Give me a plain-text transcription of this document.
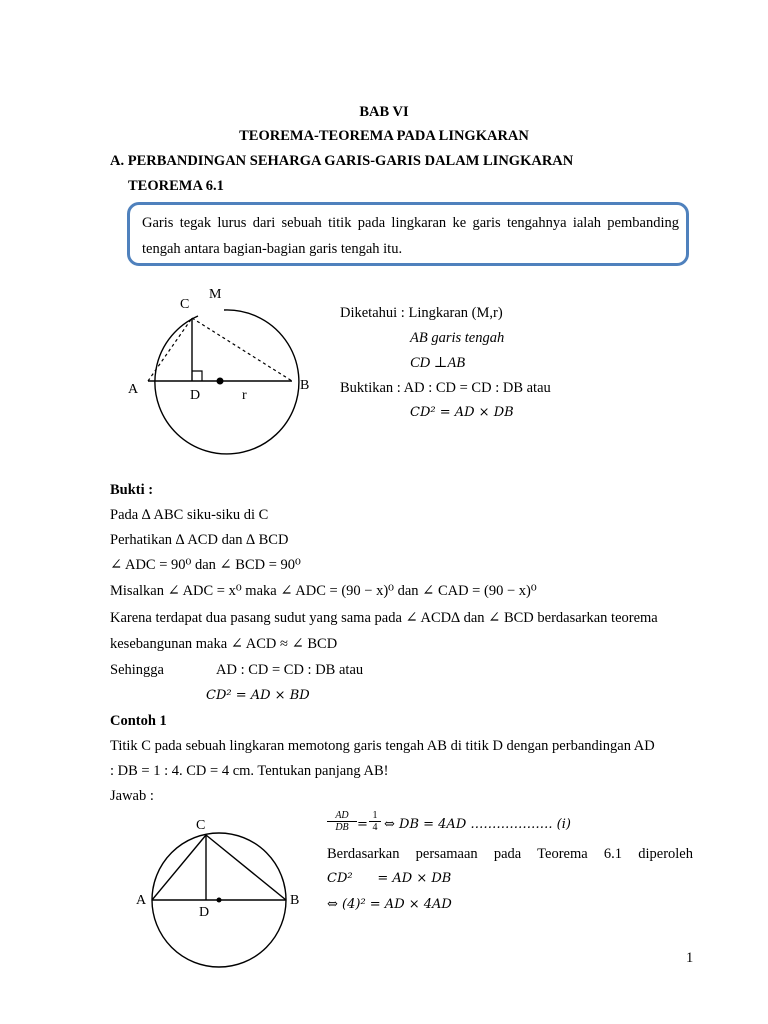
BAB VI
TEOREMA-TEOREMA PADA LINGKARAN
A. PERBANDINGAN SEHARGA GARIS-GARIS DALAM LINGKARAN
TEOREMA 6.1
Garis tegak lurus dari sebuah titik pada lingkaran ke garis tengahnya ialah pembanding tengah antara bagian-bagian garis tengah itu.
C
M
A	B
D	r
Diketahui : Lingkaran (M,r)
AB garis tengah
CD ⊥AB
Buktikan : AD : CD = CD : DB atau
CD² = AD × DB
Bukti :
Pada ∆ ABC siku-siku di C
Perhatikan ∆ ACD dan ∆ BCD
∠ ADC = 90⁰ dan ∠ BCD = 90⁰
Misalkan ∠ ADC = x⁰ maka ∠ ADC = (90 − x)⁰ dan ∠ CAD = (90 − x)⁰
Karena terdapat dua pasang sudut yang sama pada ∠ ACD∆ dan ∠ BCD berdasarkan teorema
kesebangunan maka ∠ ACD ≈ ∠ BCD
Sehingga	AD : CD = CD : DB atau
CD² = AD × BD
Contoh 1
Titik C pada sebuah lingkaran memotong garis tengah AB di titik D dengan perbandingan AD
: DB = 1 : 4. CD = 4 cm. Tentukan panjang AB!
Jawab :
C
A	B
D
$\frac{AD}{DB} = \frac{1}{4}$ ⇔ DB = 4AD ………………. (i)
Berdasarkan persamaan pada Teorema 6.1 diperoleh
CD²      = AD × DB
⇔ (4)² = AD × 4AD
1
